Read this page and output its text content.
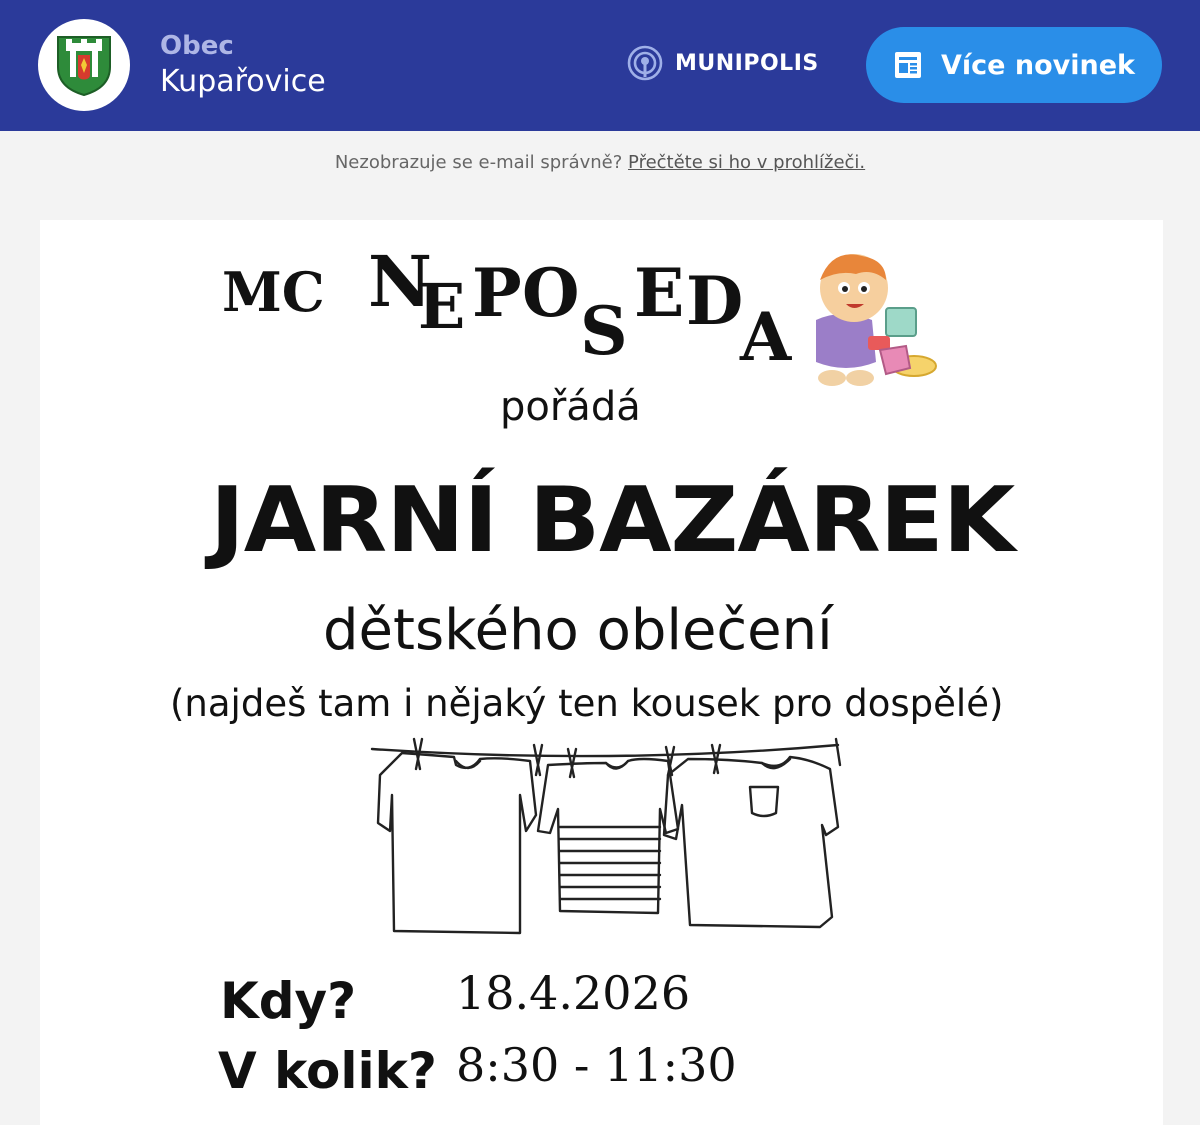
Obec
Kupařovice
MUNIPOLIS	Více novinek
Nezobrazuje se e-mail správně? Přečtěte si ho v prohlížeči.
MC N
E P O S E D
A
pořádá
JARNÍ BAZÁREK
dětského oblečení
(najdeš tam i nějaký ten kousek pro dospělé)
Kdy? 18.4.2026
V kolik? 8:30 - 11:30
